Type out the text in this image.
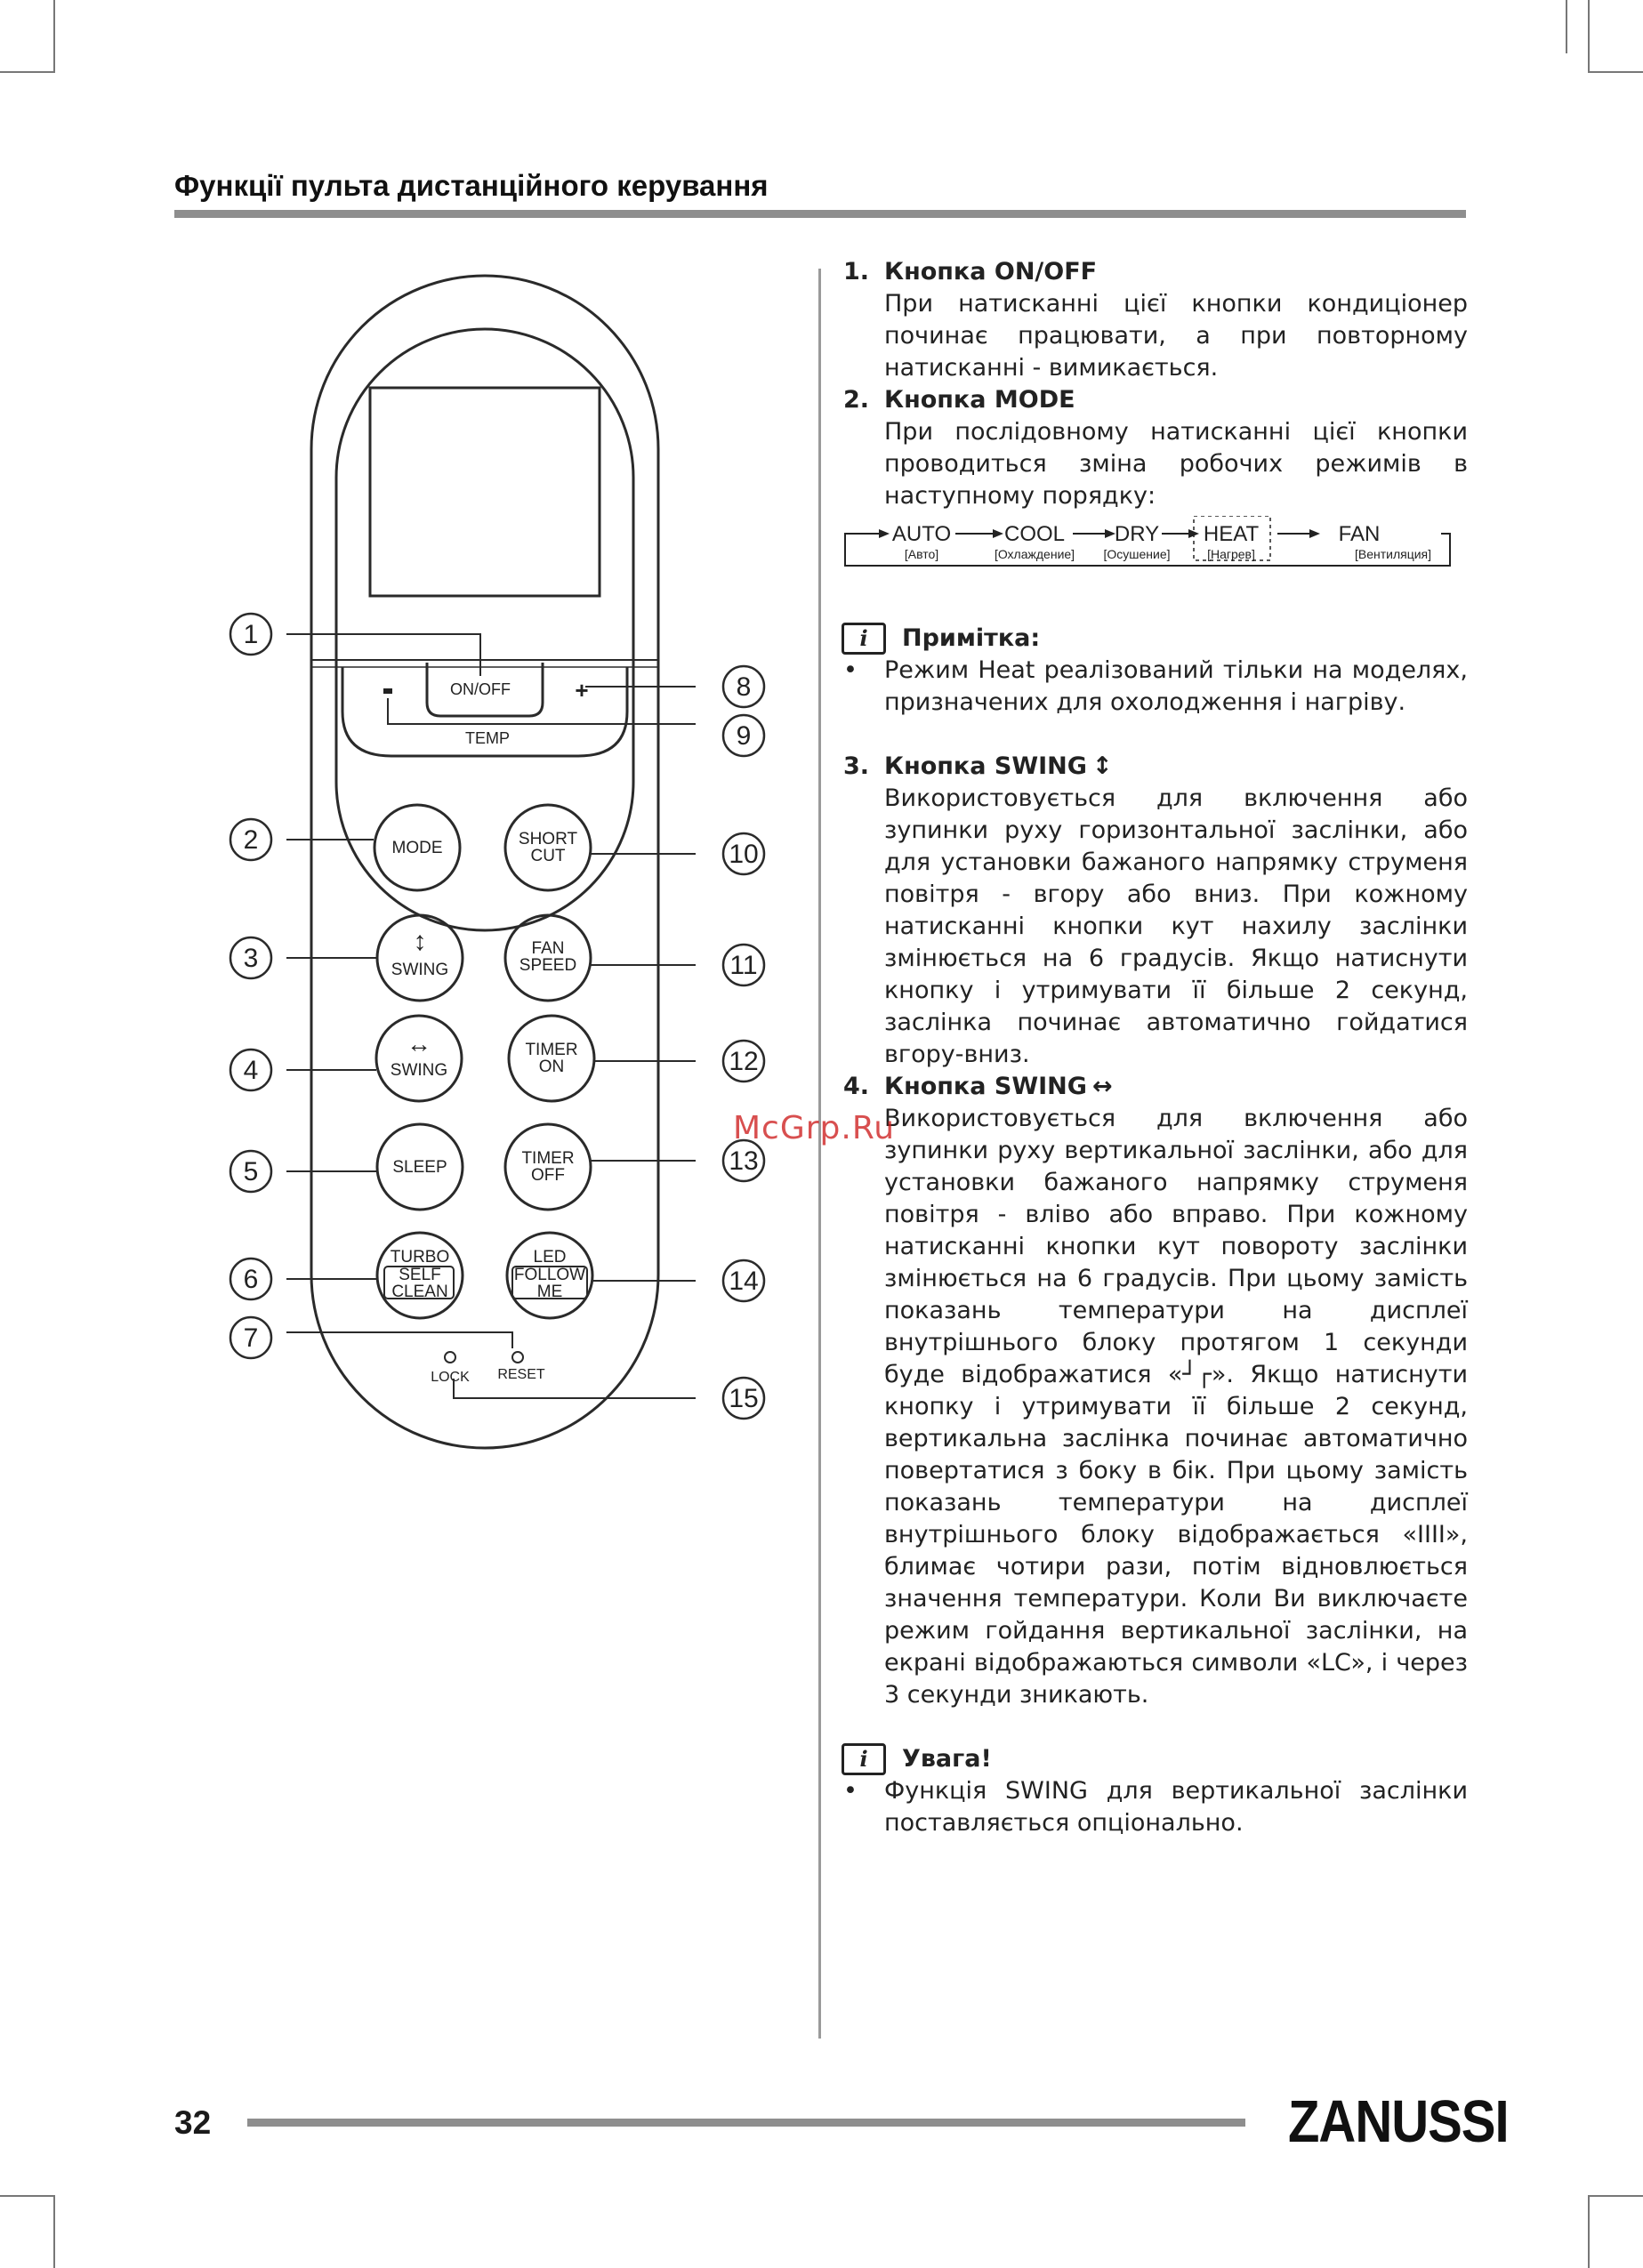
Функції пульта дистанційного керування
ON/OFF
TEMP
+
MODE	SHORT
CUT
↕
SWING
FAN
SPEED
↔
SWING
TIMER
ON
SLEEP	TIMER
OFF
TURBO
SELF
CLEAN
LED
FOLLOW
ME
LOCK RESET
1
2
3
4
5
6
7
8
9
10
11
12
13
14
15
1. Кнопка ON/OFF
При натисканні цієї кнопки кондиціонер починає працювати, а при повторному натисканні - вимикається.
2. Кнопка MODE
При послідовному натисканні цієї кнопки проводиться зміна робочих режимів в наступному порядку:
AUTO COOL DRY HEAT	FAN
[Авто]	[Охлаждение] [Осушение]	[Нагрев]	[Вентиляция]
i	Примітка:
•	Режим Heat реалізований тільки на моделях, призначених для охолодження і нагріву.
3. Кнопка SWING ↕
Використовується для включення або зупинки руху горизонтальної заслінки, або для установки бажаного напрямку струменя повітря - вгору або вниз. При кожному натисканні кнопки кут нахилу заслінки змінюється на 6 градусів. Якщо натиснути кнопку і утримувати її більше 2 секунд, заслінка починає автоматично гойдатися вгору-вниз.
4. Кнопка SWING ↔
Використовується для включення або зупинки руху вертикальної заслінки, або для установки бажаного напрямку струменя повітря - вліво або вправо. При кожному натисканні кнопки кут повороту заслінки змінюється на 6 градусів. При цьому замість показань температури на дисплеї внутрішнього блоку протягом 1 секунди буде відображатися «┘┌». Якщо натиснути кнопку і утримувати її більше 2 секунд, вертикальна заслінка починає автоматично повертатися з боку в бік. При цьому замість показань температури на дисплеї внутрішнього блоку відображається «IIII», блимає чотири рази, потім відновлюється значення температури. Коли Ви виключаєте режим гойдання вертикальної заслінки, на екрані відображаються символи «LC», і через 3 секунди зникають.
i	Увага!
•	Функція SWING для вертикальної заслінки поставляється опціонально.
McGrp.Ru
32	ZANUSSI
